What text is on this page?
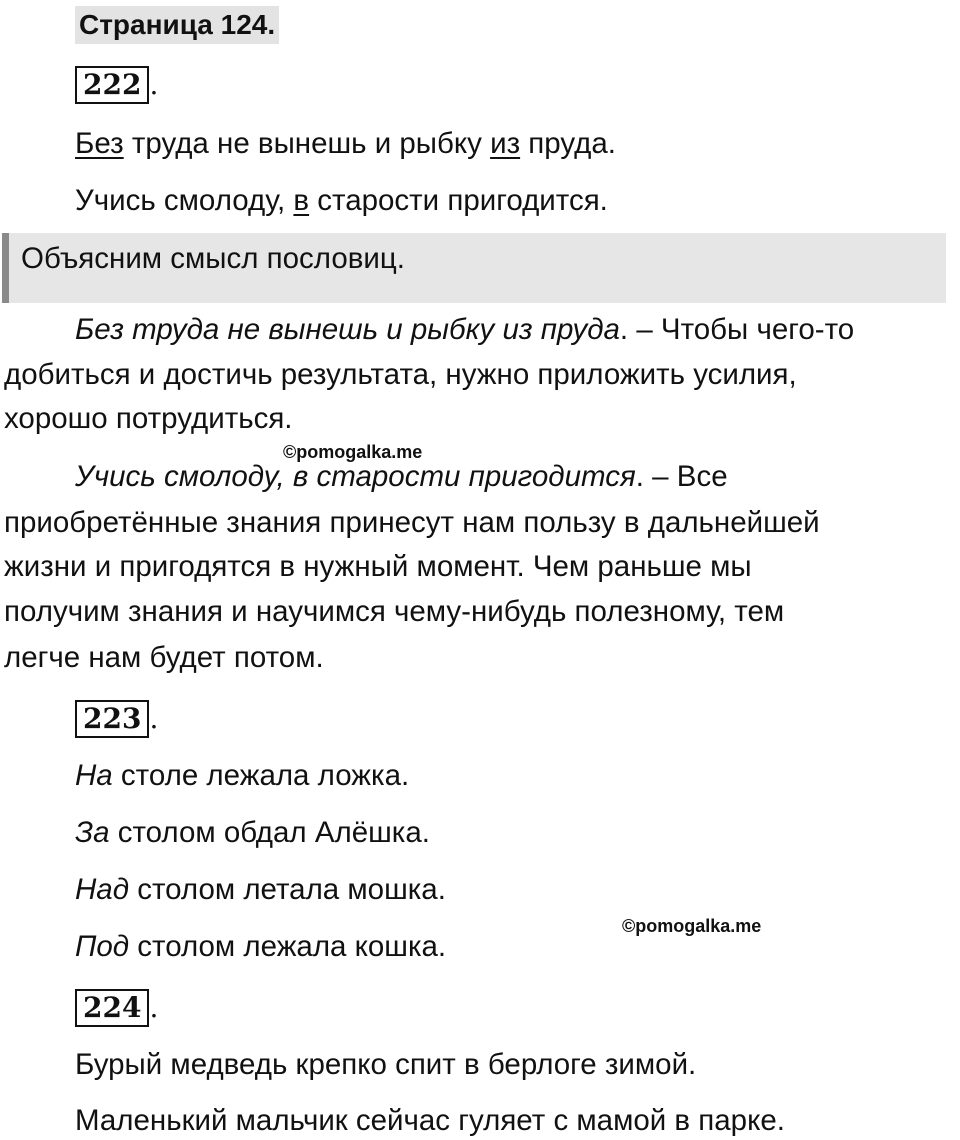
Страница 124.
222 .
Без труда не вынешь и рыбку из пруда.
Учись смолоду, в старости пригодится.
Объясним смысл пословиц.
Без труда не вынешь и рыбку из пруда. – Чтобы чего-то
добиться и достичь результата, нужно приложить усилия,
хорошо потрудиться.
©pomogalka.me
Учись смолоду, в старости пригодится. – Все
приобретённые знания принесут нам пользу в дальнейшей
жизни и пригодятся в нужный момент. Чем раньше мы
получим знания и научимся чему-нибудь полезному, тем
легче нам будет потом.
223 .
На столе лежала ложка.
За столом обдал Алёшка.
Над столом летала мошка.
©pomogalka.me
Под столом лежала кошка.
224 .
Бурый медведь крепко спит в берлоге зимой.
Маленький мальчик сейчас гуляет с мамой в парке.
